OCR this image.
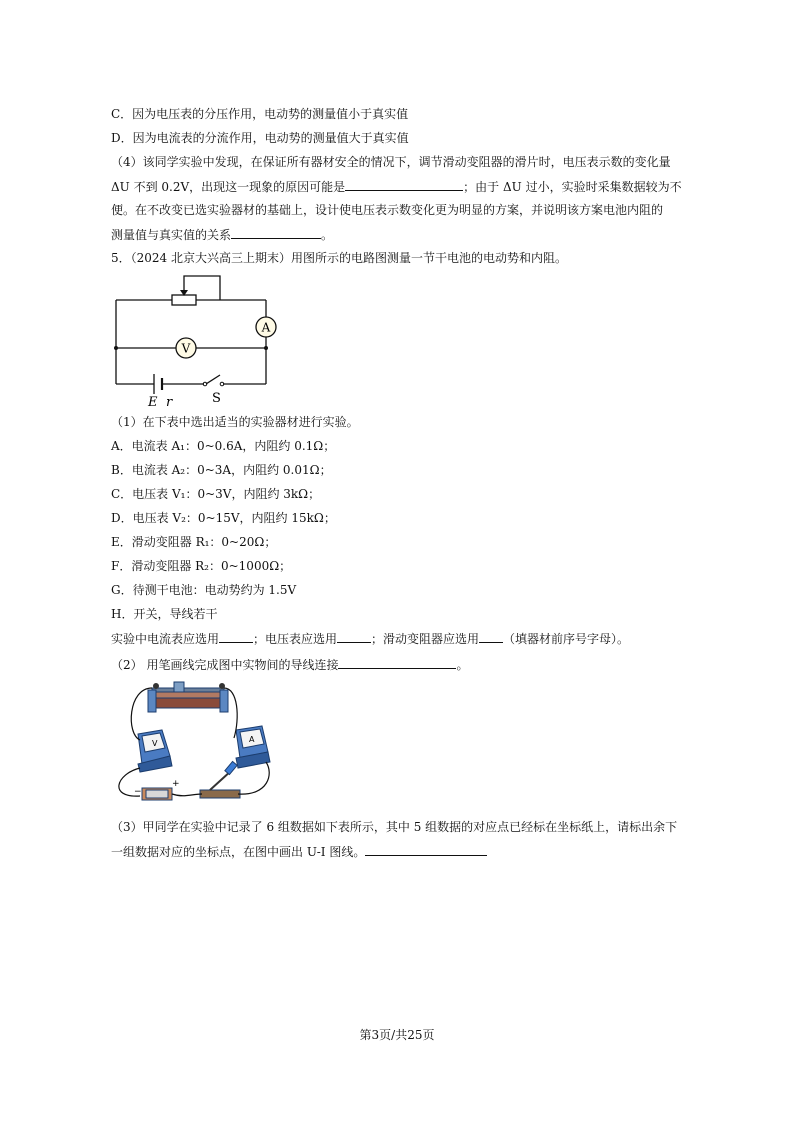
C．因为电压表的分压作用，电动势的测量值小于真实值
D．因为电流表的分流作用，电动势的测量值大于真实值
（4）该同学实验中发现，在保证所有器材安全的情况下，调节滑动变阻器的滑片时，电压表示数的变化量
ΔU 不到 0.2V，出现这一现象的原因可能是	；由于 ΔU 过小，实验时采集数据较为不
便。在不改变已选实验器材的基础上，设计使电压表示数变化更为明显的方案，并说明该方案电池内阻的
测量值与真实值的关系	。
5．（2024 北京大兴高三上期末）用图所示的电路图测量一节干电池的电动势和内阻。
A
V
E r	S
（1）在下表中选出适当的实验器材进行实验。
A．电流表 A₁：0~0.6A，内阻约 0.1Ω；
B．电流表 A₂：0~3A，内阻约 0.01Ω；
C．电压表 V₁：0~3V，内阻约 3kΩ；
D．电压表 V₂：0~15V，内阻约 15kΩ；
E．滑动变阻器 R₁：0~20Ω；
F．滑动变阻器 R₂：0~1000Ω；
G．待测干电池：电动势约为 1.5V
H．开关，导线若干
实验中电流表应选用	；电压表应选用	；滑动变阻器应选用 （填器材前序号字母）。
（2） 用笔画线完成图中实物间的导线连接	。
V	A
−
+
（3）甲同学在实验中记录了 6 组数据如下表所示，其中 5 组数据的对应点已经标在坐标纸上，请标出余下
一组数据对应的坐标点，在图中画出 U-I 图线。
第3页/共25页
